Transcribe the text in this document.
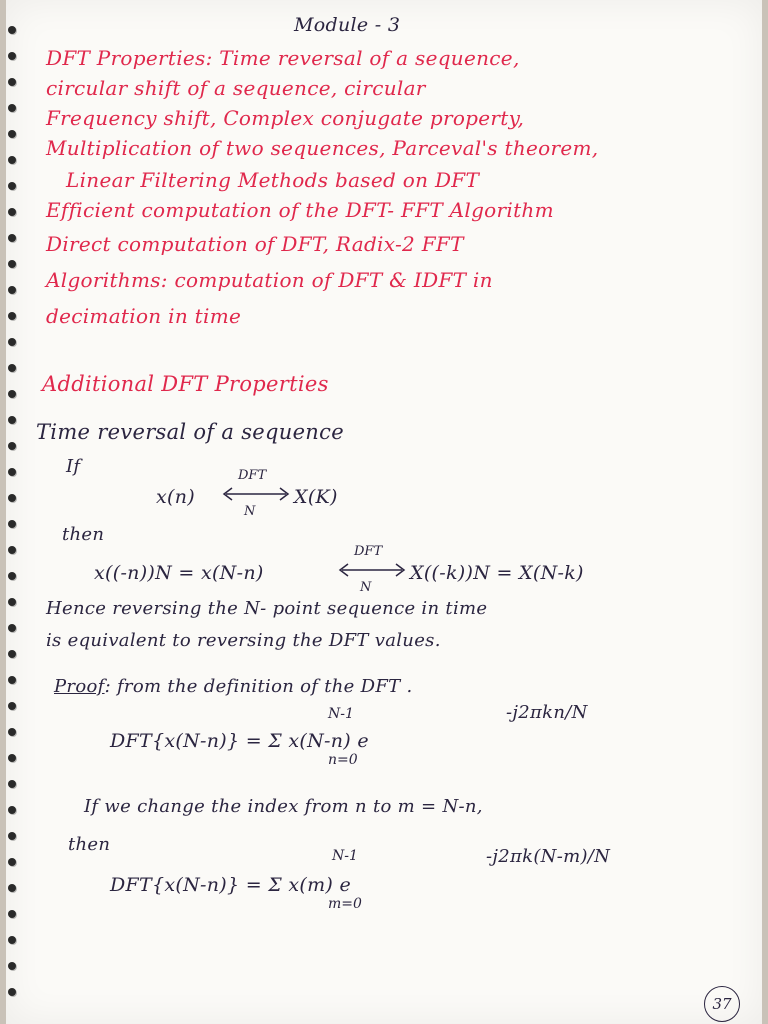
Module - 3
DFT Properties: Time reversal of a sequence,
circular shift of a sequence, circular
Frequency shift, Complex conjugate property,
Multiplication of two sequences, Parceval's theorem,
Linear Filtering Methods based on DFT
Efficient computation of the DFT- FFT Algorithm
Direct computation of DFT, Radix-2 FFT
Algorithms: computation of DFT & IDFT in
decimation in time
Additional DFT Properties
Time reversal of a sequence
If
x(n)
DFT
N
X(K)
then
x((-n))N = x(N-n)
DFT
N
X((-k))N = X(N-k)
Hence reversing the N- point sequence in time
is equivalent to reversing the DFT values.
Proof: from the definition of the DFT .
N-1
DFT{x(N-n)} = Σ x(N-n) e
-j2πkn/N
n=0
If we change the index from n to m = N-n,
then
N-1
DFT{x(N-n)} = Σ x(m) e
-j2πk(N-m)/N
m=0
37
